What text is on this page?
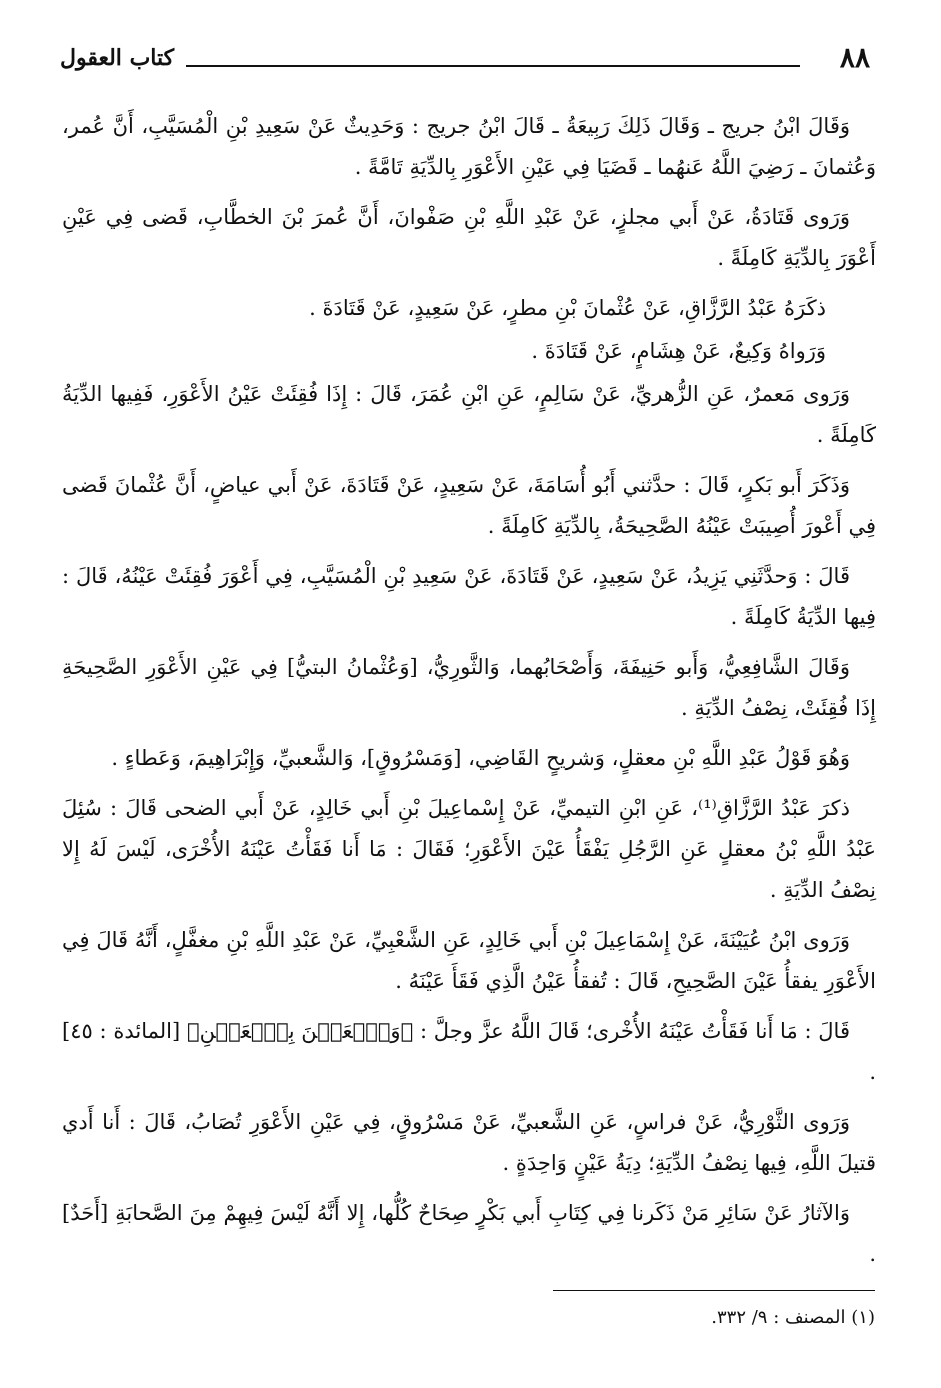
٨٨
كتاب العقول

وَقَالَ ابْنُ جريج ـ وَقَالَ ذَلِكَ رَبِيعَةُ ـ قَالَ ابْنُ جريج : وَحَدِيثٌ عَنْ سَعِيدِ بْنِ الْمُسَيَّبِ، أَنَّ عُمر، وَعُثمانَ ـ رَضِيَ اللَّهُ عَنهُما ـ قَضَيَا فِي عَيْنِ الأَعْوَرِ بِالدِّيَةِ تَامَّةً .

وَرَوى قَتَادَةُ، عَنْ أَبي مجلزٍ، عَنْ عَبْدِ اللَّهِ بْنِ صَفْوانَ، أَنَّ عُمرَ بْنَ الخطَّابِ، قَضى فِي عَيْنِ أَعْوَرَ بِالدِّيَةِ كَامِلَةً .

ذكَرَهُ عَبْدُ الرَّزَّاقِ، عَنْ عُثْمانَ بْنِ مطرٍ، عَنْ سَعِيدٍ، عَنْ قَتَادَةَ .

وَرَواهُ وَكِيعٌ، عَنْ هِشَامٍ، عَنْ قَتَادَةَ .

وَرَوى مَعمرٌ، عَنِ الزُّهريِّ، عَنْ سَالِمٍ، عَنِ ابْنِ عُمَرَ، قَالَ : إِذَا فُقِئَتْ عَيْنُ الأَعْوَرِ، فَفِيها الدِّيَةُ كَامِلَةً .

وَذَكَرَ أَبو بَكرٍ، قَالَ : حدَّثني أَبُو أُسَامَةَ، عَنْ سَعِيدٍ، عَنْ قَتَادَةَ، عَنْ أَبي عياضٍ، أَنَّ عُثْمانَ قَضى فِي أَعْورَ أُصِيبَتْ عَيْنُهُ الصَّحِيحَةُ، بِالدِّيَةِ كَامِلَةً .

قَالَ : وَحدَّثَنِي يَزِيدُ، عَنْ سَعِيدٍ، عَنْ قَتَادَةَ، عَنْ سَعِيدِ بْنِ الْمُسَيَّبِ، فِي أَعْوَرَ فُقِئَتْ عَيْنُهُ، قَالَ : فِيها الدِّيَةُ كَامِلَةً .

وَقَالَ الشَّافِعِيُّ، وَأَبو حَنِيفَةَ، وَأَصْحَابُهما، وَالثَّورِيُّ، [وَعُثْمانُ البتيُّ] فِي عَيْنِ الأَعْوَرِ الصَّحِيحَةِ إِذَا فُقِئَتْ، نِصْفُ الدِّيَةِ .

وَهُوَ قَوْلُ عَبْدِ اللَّهِ بْنِ معقلٍ، وَشريحٍ القَاضِي، [وَمَسْرُوقٍ]، وَالشَّعبيِّ، وَإِبْرَاهِيمَ، وَعَطاءٍ .

ذكرَ عَبْدُ الرَّزَّاقِ⁽¹⁾، عَنِ ابْنِ التيميِّ، عَنْ إِسْماعِيلَ بْنِ أَبي خَالِدٍ، عَنْ أَبي الضحى قَالَ : سُئِلَ عَبْدُ اللَّهِ بْنُ معقلٍ عَنِ الرَّجُلِ يَفْقَأُ عَيْنَ الأَعْوَرِ؛ فَقَالَ : مَا أَنا فَقَأْتُ عَيْنَهُ الأُخْرَى، لَيْسَ لَهُ إِلا نِصْفُ الدِّيَةِ .

وَرَوى ابْنُ عُيَيْنَةَ، عَنْ إِسْمَاعِيلَ بْنِ أَبي خَالِدٍ، عَنِ الشَّعْبِيِّ، عَنْ عَبْدِ اللَّهِ بْنِ مغفَّلٍ، أَنَّهُ قَالَ فِي الأَعْوَرِ يفقأُ عَيْنَ الصَّحِيحِ، قَالَ : تُفقأُ عَيْنُ الَّذِي فَقَأَ عَيْنَهُ .

قَالَ : مَا أَنا فَقَأْتُ عَيْنَهُ الأُخْرى؛ قَالَ اللَّهُ عزَّ وجلَّ : ﴿وَٱلۡعَيۡنَ بِٱلۡعَيۡنِ﴾ [المائدة : ٤٥] .

وَرَوى الثَّوْرِيُّ، عَنْ فراسٍ، عَنِ الشَّعبيِّ، عَنْ مَسْرُوقٍ، فِي عَيْنِ الأَعْوَرِ تُصَابُ، قَالَ : أَنا أَدي قتيلَ اللَّهِ، فِيها نِصْفُ الدِّيَةِ؛ دِيَةُ عَيْنٍ وَاحِدَةٍ .

وَالآثارُ عَنْ سَائِرِ مَنْ ذَكَرنا فِي كِتَابِ أَبي بَكْرٍ صِحَاحٌ كُلُّها، إِلا أَنَّهُ لَيْسَ فِيهِمْ مِنَ الصَّحابَةِ [أَحَدٌ] .

(١) المصنف : ٩/ ٣٣٢.
